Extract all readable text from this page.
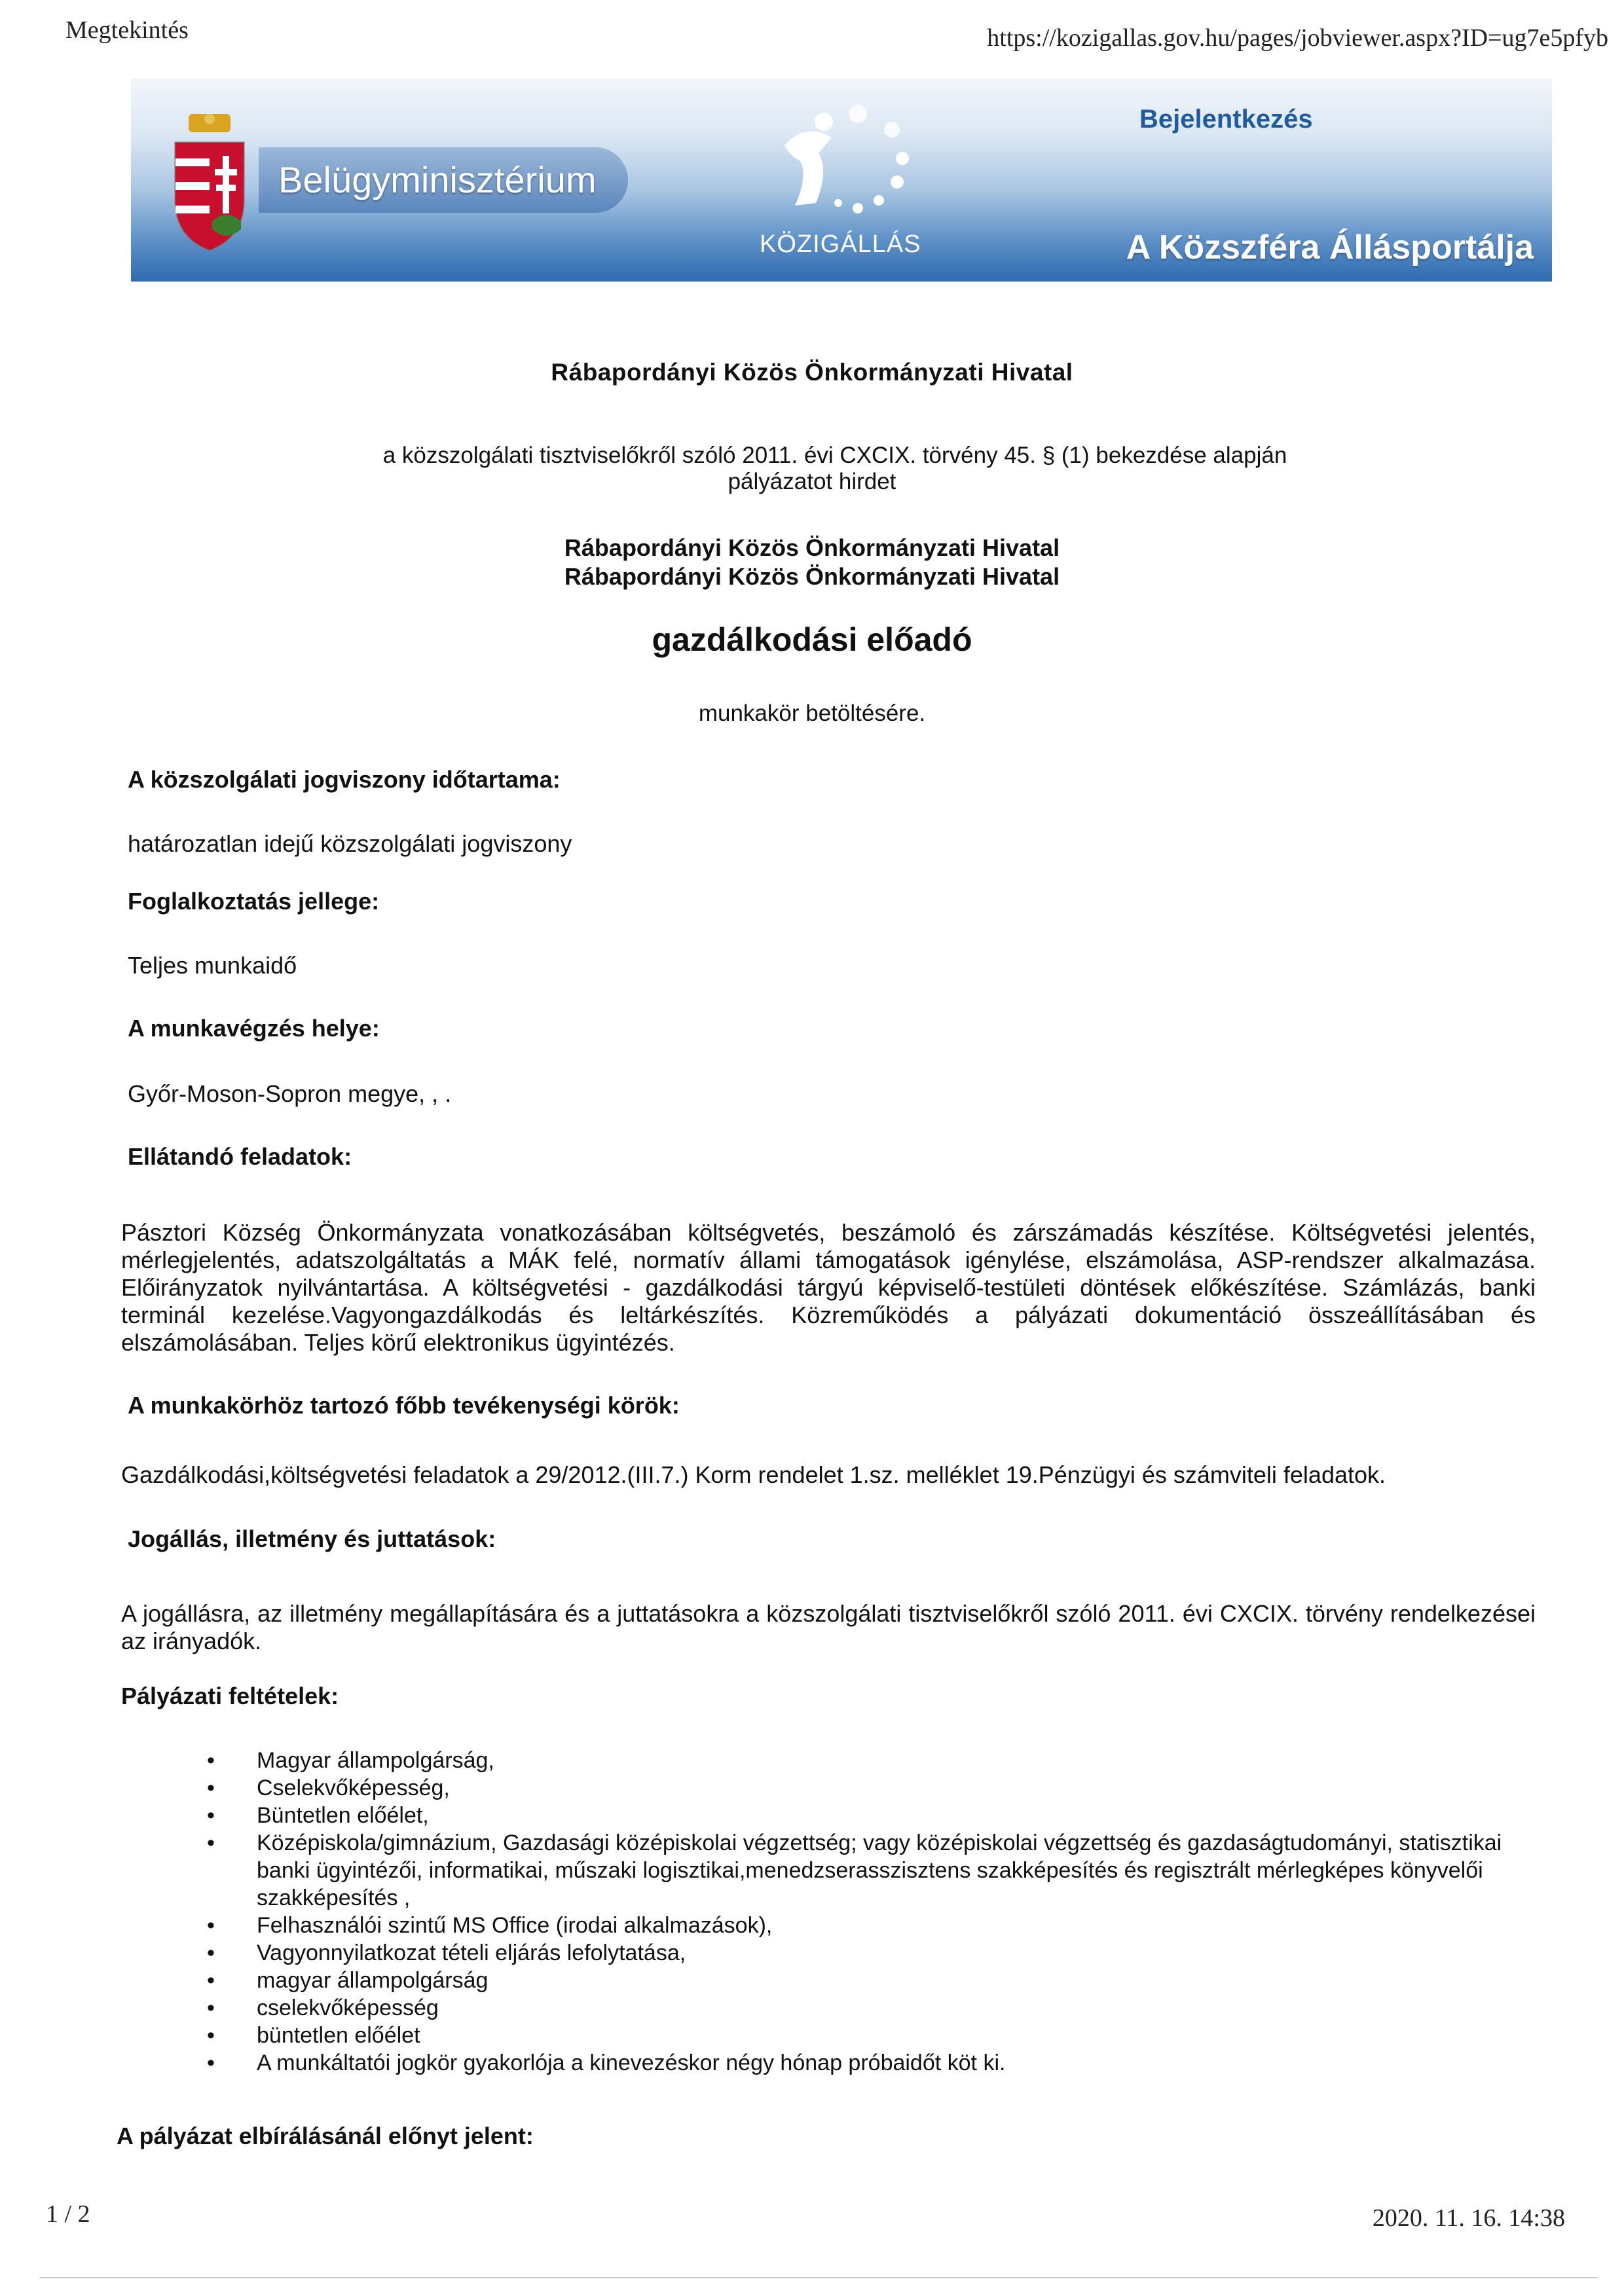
Megtekintés	https://kozigallas.gov.hu/pages/jobviewer.aspx?ID=ug7e5pfyb
Belügyminisztérium
KÖZIGÁLLÁS
Bejelentkezés
A Közszféra Állásportálja
Rábapordányi Közös Önkormányzati Hivatal
a közszolgálati tisztviselőkről szóló 2011. évi CXCIX. törvény 45. § (1) bekezdése alapján
pályázatot hirdet
Rábapordányi Közös Önkormányzati Hivatal
Rábapordányi Közös Önkormányzati Hivatal
gazdálkodási előadó
munkakör betöltésére.
A közszolgálati jogviszony időtartama:
határozatlan idejű közszolgálati jogviszony
Foglalkoztatás jellege:
Teljes munkaidő
A munkavégzés helye:
Győr-Moson-Sopron megye, , .
Ellátandó feladatok:
Pásztori Község Önkormányzata vonatkozásában költségvetés, beszámoló és zárszámadás készítése. Költségvetési jelentés, mérlegjelentés, adatszolgáltatás a MÁK felé, normatív állami támogatások igénylése, elszámolása, ASP-rendszer alkalmazása. Előirányzatok nyilvántartása. A költségvetési - gazdálkodási tárgyú képviselő-testületi döntések előkészítése. Számlázás, banki terminál kezelése.Vagyongazdálkodás és leltárkészítés. Közreműködés a pályázati dokumentáció összeállításában és elszámolásában. Teljes körű elektronikus ügyintézés.
A munkakörhöz tartozó főbb tevékenységi körök:
Gazdálkodási,költségvetési feladatok a 29/2012.(III.7.) Korm rendelet 1.sz. melléklet 19.Pénzügyi és számviteli feladatok.
Jogállás, illetmény és juttatások:
A jogállásra, az illetmény megállapítására és a juttatásokra a közszolgálati tisztviselőkről szóló 2011. évi CXCIX. törvény rendelkezései az irányadók.
Pályázati feltételek:
• Magyar állampolgárság,
• Cselekvőképesség,
• Büntetlen előélet,
• Középiskola/gimnázium, Gazdasági középiskolai végzettség; vagy középiskolai végzettség és gazdaságtudományi, statisztikai banki ügyintézői, informatikai, műszaki logisztikai,menedzserasszisztens szakképesítés és regisztrált mérlegképes könyvelői szakképesítés ,
• Felhasználói szintű MS Office (irodai alkalmazások),
• Vagyonnyilatkozat tételi eljárás lefolytatása,
• magyar állampolgárság
• cselekvőképesség
• büntetlen előélet
• A munkáltatói jogkör gyakorlója a kinevezéskor négy hónap próbaidőt köt ki.
A pályázat elbírálásánál előnyt jelent:
1 / 2	2020. 11. 16. 14:38
